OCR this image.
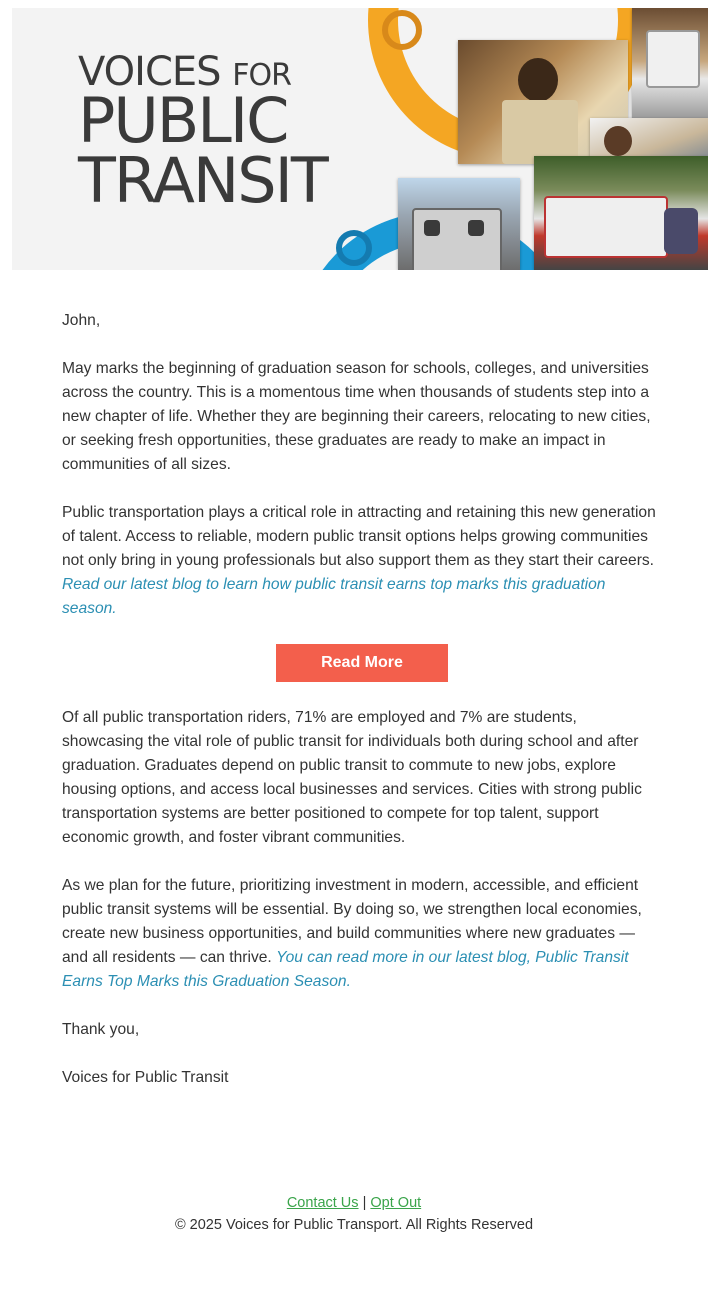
VOICES FOR
PUBLIC
TRANSIT

John,

May marks the beginning of graduation season for schools, colleges, and universities across the country. This is a momentous time when thousands of students step into a new chapter of life. Whether they are beginning their careers, relocating to new cities, or seeking fresh opportunities, these graduates are ready to make an impact in communities of all sizes.

Public transportation plays a critical role in attracting and retaining this new generation of talent. Access to reliable, modern public transit options helps growing communities not only bring in young professionals but also support them as they start their careers. Read our latest blog to learn how public transit earns top marks this graduation season.

Read More

Of all public transportation riders, 71% are employed and 7% are students, showcasing the vital role of public transit for individuals both during school and after graduation. Graduates depend on public transit to commute to new jobs, explore housing options, and access local businesses and services. Cities with strong public transportation systems are better positioned to compete for top talent, support economic growth, and foster vibrant communities.

As we plan for the future, prioritizing investment in modern, accessible, and efficient public transit systems will be essential. By doing so, we strengthen local economies, create new business opportunities, and build communities where new graduates — and all residents — can thrive. You can read more in our latest blog, Public Transit Earns Top Marks this Graduation Season.

Thank you,

Voices for Public Transit

Contact Us | Opt Out
© 2025 Voices for Public Transport. All Rights Reserved
